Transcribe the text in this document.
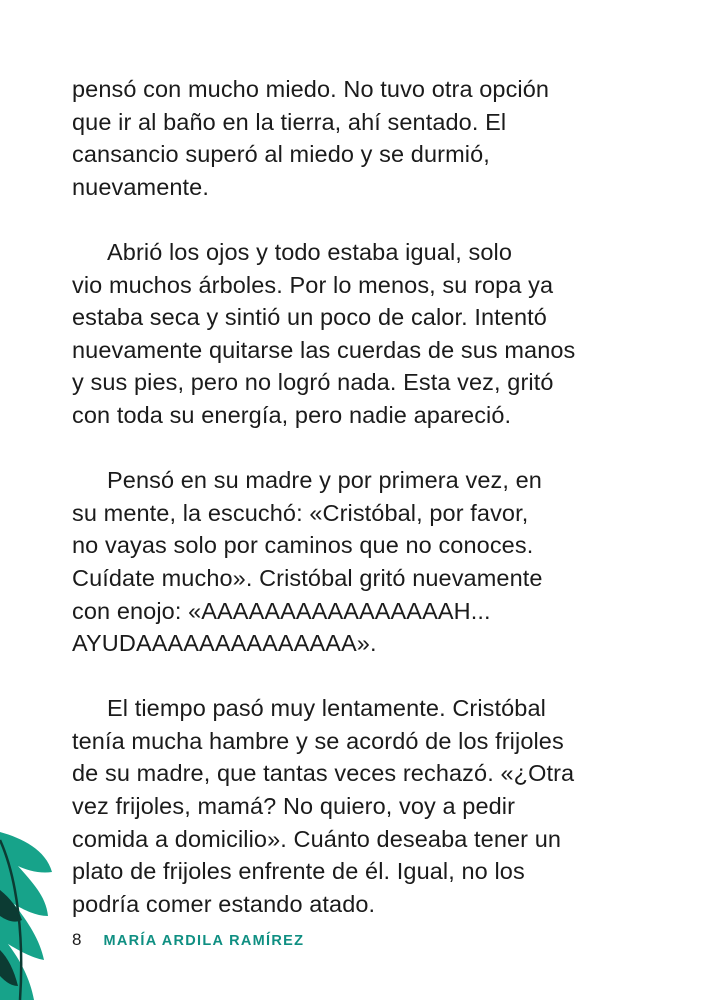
pensó con mucho miedo. No tuvo otra opción
que ir al baño en la tierra, ahí sentado. El
cansancio superó al miedo y se durmió,
nuevamente.

Abrió los ojos y todo estaba igual, solo
vio muchos árboles. Por lo menos, su ropa ya
estaba seca y sintió un poco de calor. Intentó
nuevamente quitarse las cuerdas de sus manos
y sus pies, pero no logró nada. Esta vez, gritó
con toda su energía, pero nadie apareció.

Pensó en su madre y por primera vez, en
su mente, la escuchó: «Cristóbal, por favor,
no vayas solo por caminos que no conoces.
Cuídate mucho». Cristóbal gritó nuevamente
con enojo: «AAAAAAAAAAAAAAAAH...
AYUDAAAAAAAAAAAAAA».

El tiempo pasó muy lentamente. Cristóbal
tenía mucha hambre y se acordó de los frijoles
de su madre, que tantas veces rechazó. «¿Otra
vez frijoles, mamá? No quiero, voy a pedir
comida a domicilio». Cuánto deseaba tener un
plato de frijoles enfrente de él. Igual, no los
podría comer estando atado.

8 MARÍA ARDILA RAMÍREZ
